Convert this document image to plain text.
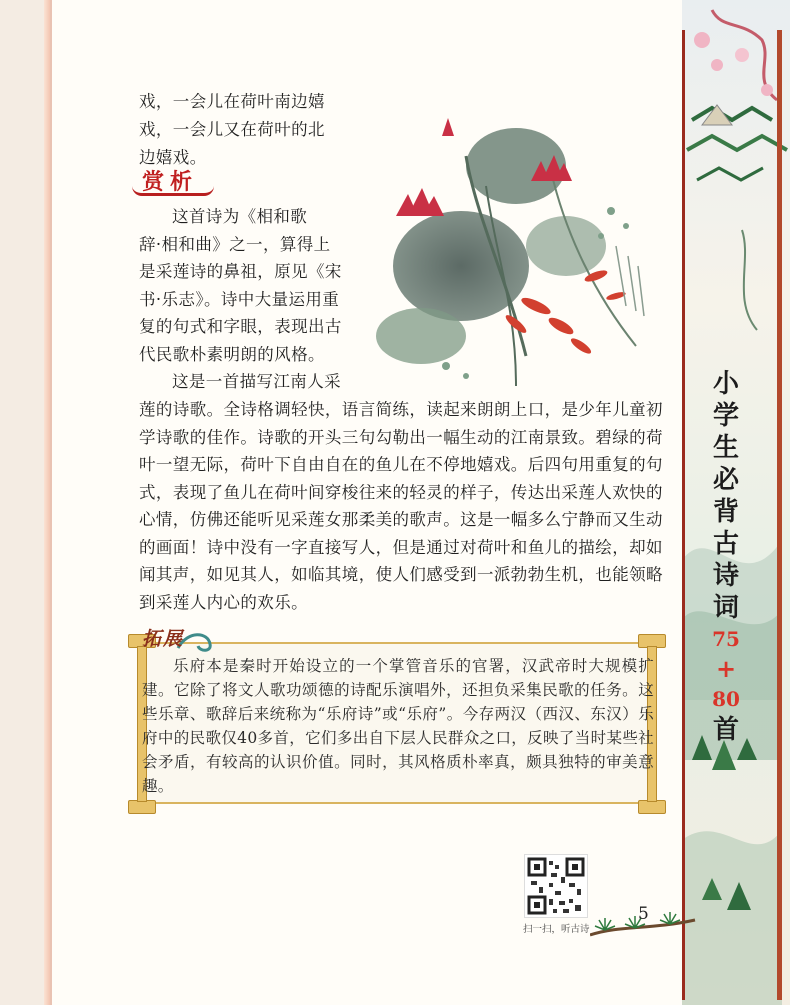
小
学
生
必
背
古
诗
词
75
+
80
首
戏，一会儿在荷叶南边嬉
戏，一会儿又在荷叶的北
边嬉戏。
赏析
这首诗为《相和歌
辞·相和曲》之一，算得上
是采莲诗的鼻祖，原见《宋
书·乐志》。诗中大量运用重
复的句式和字眼，表现出古
代民歌朴素明朗的风格。
这是一首描写江南人采
莲的诗歌。全诗格调轻快，语言简练，读起来朗朗上口，是少年儿童初
学诗歌的佳作。诗歌的开头三句勾勒出一幅生动的江南景致。碧绿的荷
叶一望无际，荷叶下自由自在的鱼儿在不停地嬉戏。后四句用重复的句
式，表现了鱼儿在荷叶间穿梭往来的轻灵的样子，传达出采莲人欢快的
心情，仿佛还能听见采莲女那柔美的歌声。这是一幅多么宁静而又生动
的画面！诗中没有一字直接写人，但是通过对荷叶和鱼儿的描绘，却如
闻其声，如见其人，如临其境，使人们感受到一派勃勃生机，也能领略
到采莲人内心的欢乐。
拓展

乐府本是秦时开始设立的一个掌管音乐的官署，汉武帝时大规模扩建。它除了将文人歌功颂德的诗配乐演唱外，还担负采集民歌的任务。这些乐章、歌辞后来统称为“乐府诗”或“乐府”。今存两汉（西汉、东汉）乐府中的民歌仅40多首，它们多出自下层人民群众之口，反映了当时某些社会矛盾，有较高的认识价值。同时，其风格质朴率真，颇具独特的审美意趣。

扫一扫，听古诗
5
